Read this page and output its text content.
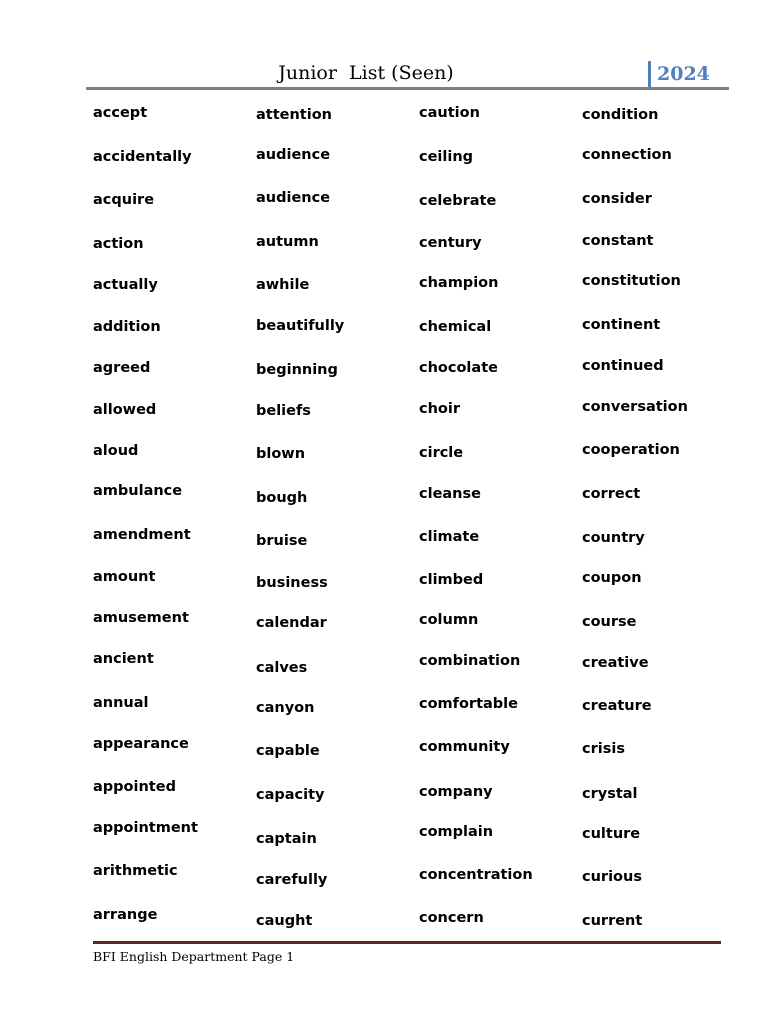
Junior  List (Seen)	2024
accept
accidentally
acquire
action
actually
addition
agreed
allowed
aloud
ambulance
amendment
amount
amusement
ancient
annual
appearance
appointed
appointment
arithmetic
arrange
attention
audience
audience
autumn
awhile
beautifully
beginning
beliefs
blown
bough
bruise
business
calendar
calves
canyon
capable
capacity
captain
carefully
caught
caution
ceiling
celebrate
century
champion
chemical
chocolate
choir
circle
cleanse
climate
climbed
column
combination
comfortable
community
company
complain
concentration
concern
condition
connection
consider
constant
constitution
continent
continued
conversation
cooperation
correct
country
coupon
course
creative
creature
crisis
crystal
culture
curious
current
BFI English Department Page 1
